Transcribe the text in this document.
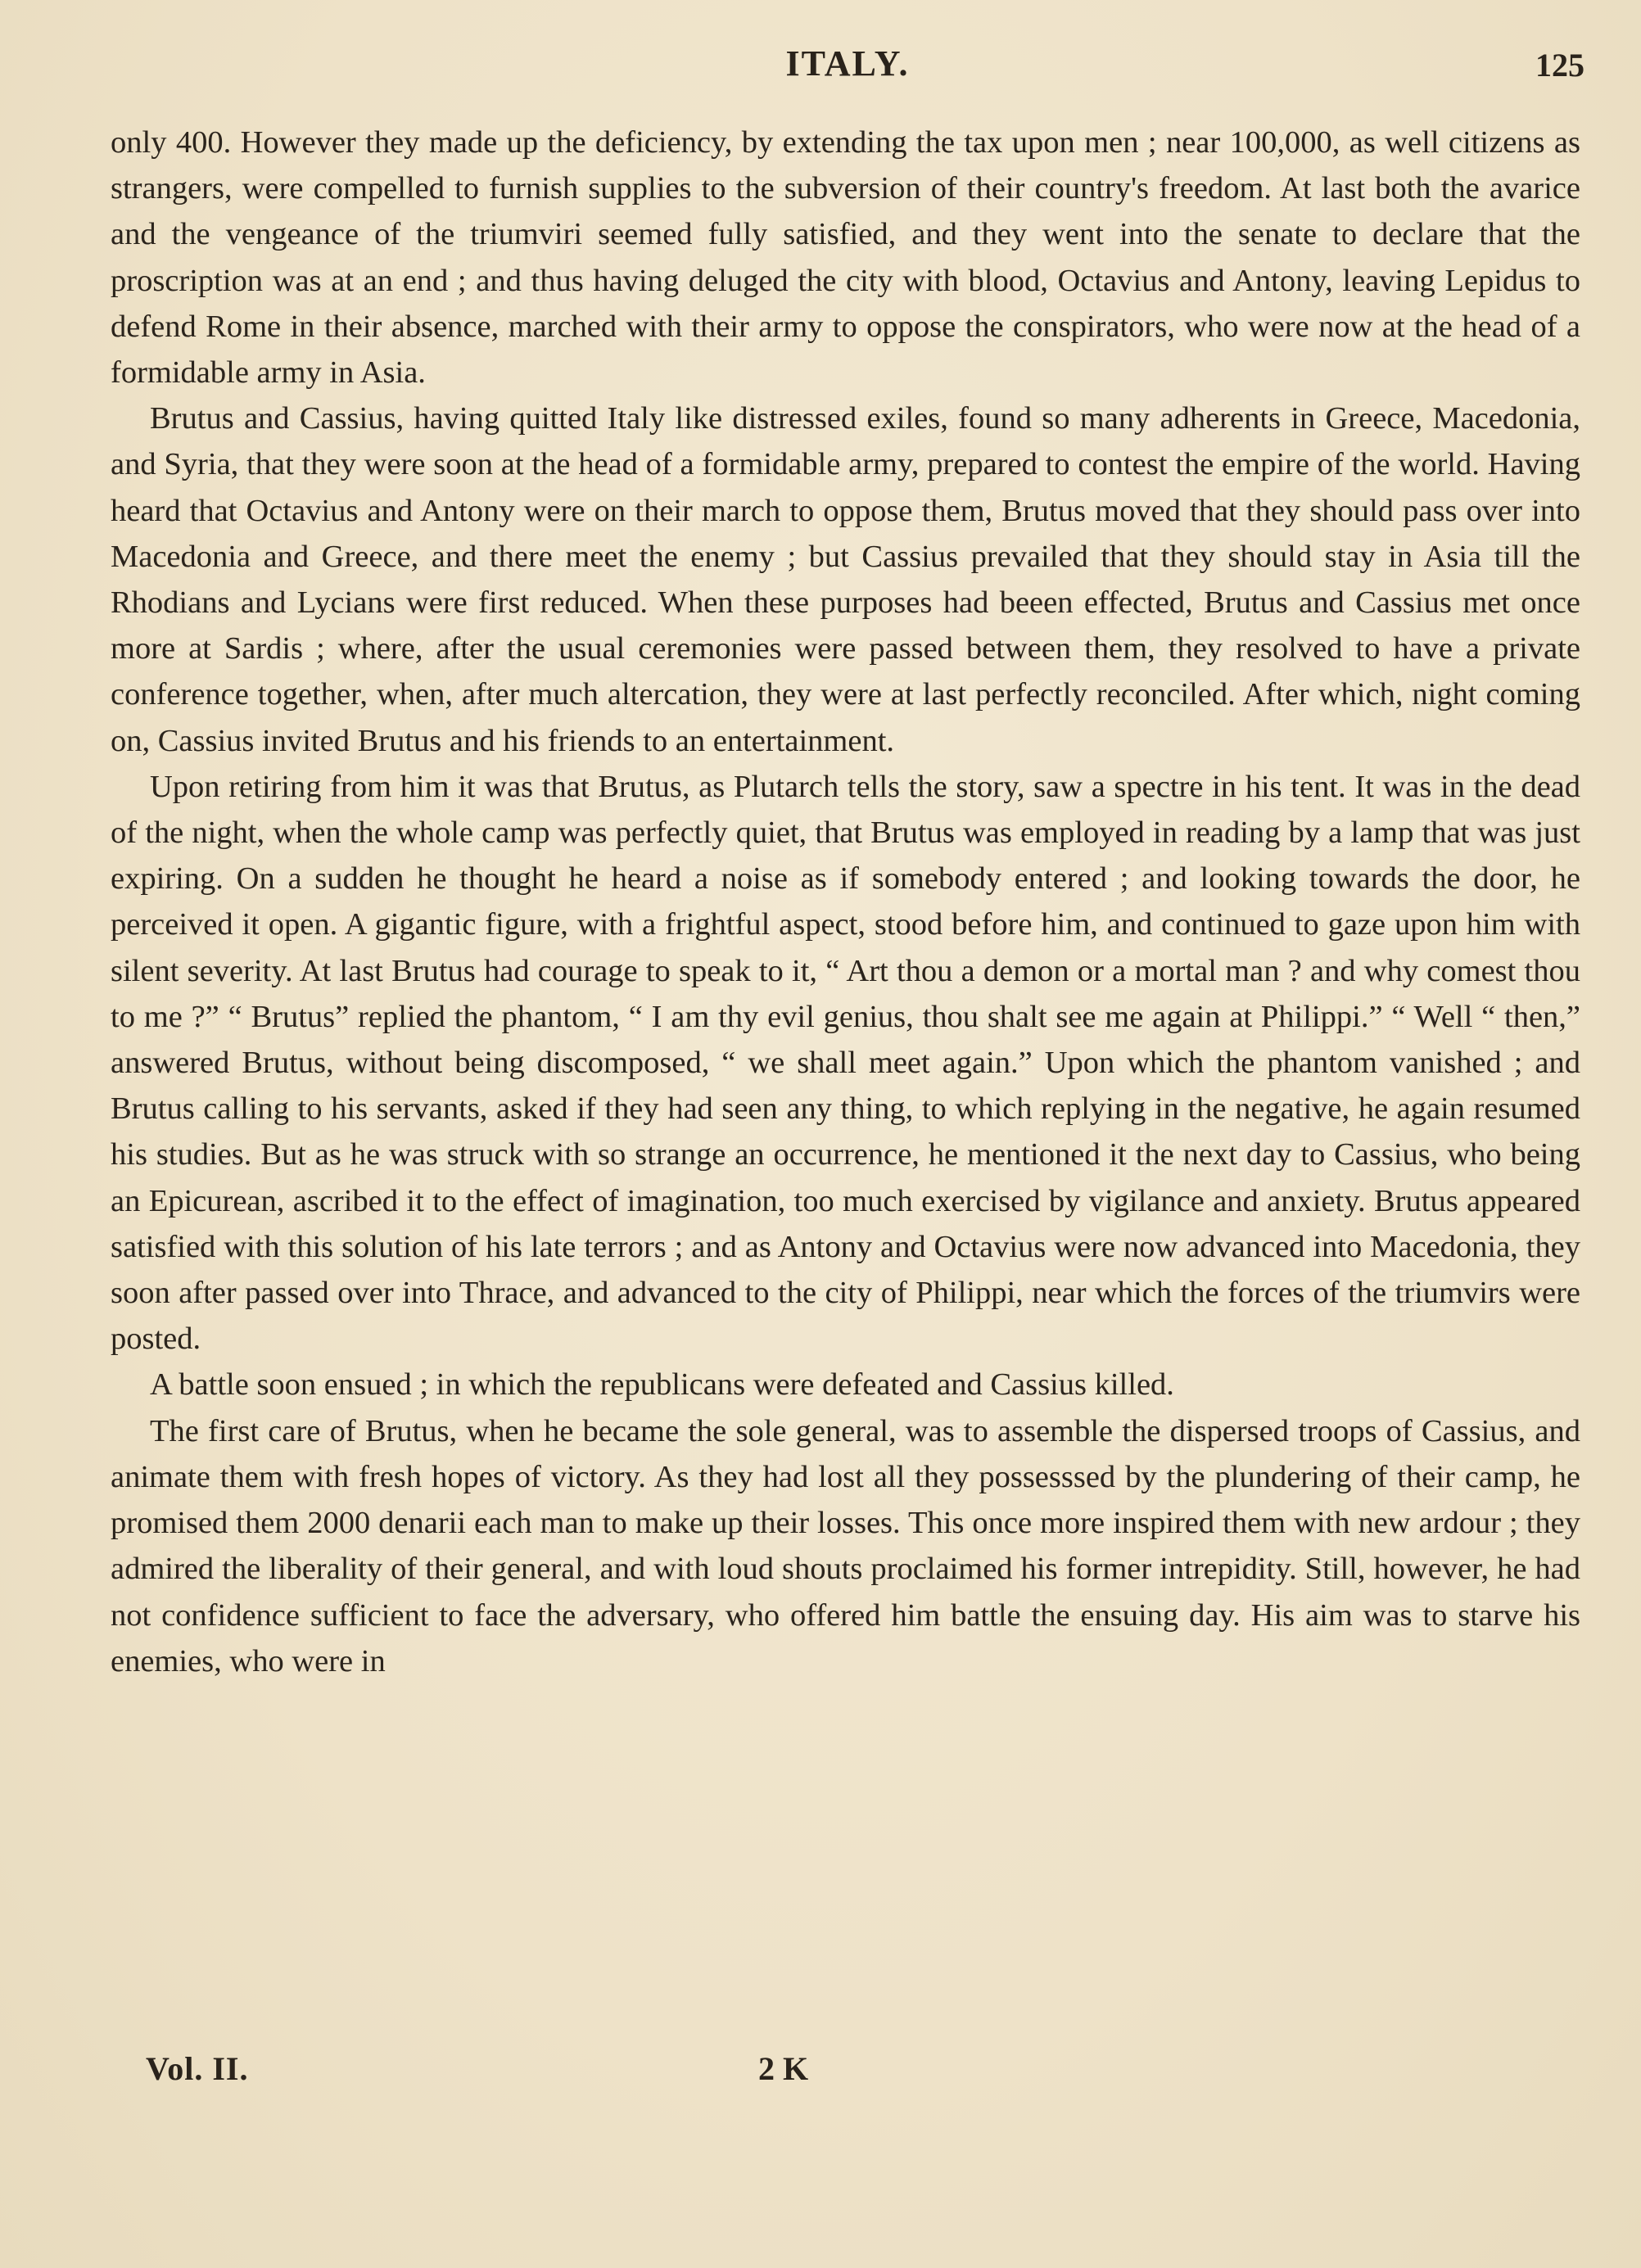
ITALY.	125

only 400. However they made up the deficiency, by extending the tax upon men ; near 100,000, as well citizens as strangers, were compelled to furnish supplies to the subversion of their country's freedom. At last both the avarice and the vengeance of the triumviri seemed fully satisfied, and they went into the senate to declare that the proscription was at an end ; and thus having deluged the city with blood, Octavius and Antony, leaving Lepidus to defend Rome in their absence, marched with their army to oppose the conspirators, who were now at the head of a formidable army in Asia.

Brutus and Cassius, having quitted Italy like distressed exiles, found so many adherents in Greece, Macedonia, and Syria, that they were soon at the head of a formidable army, prepared to contest the empire of the world. Having heard that Octavius and Antony were on their march to oppose them, Brutus moved that they should pass over into Macedonia and Greece, and there meet the enemy ; but Cassius prevailed that they should stay in Asia till the Rhodians and Lycians were first reduced. When these purposes had beeen effected, Brutus and Cassius met once more at Sardis ; where, after the usual ceremonies were passed between them, they resolved to have a private conference together, when, after much altercation, they were at last perfectly reconciled. After which, night coming on, Cassius invited Brutus and his friends to an entertainment.

Upon retiring from him it was that Brutus, as Plutarch tells the story, saw a spectre in his tent. It was in the dead of the night, when the whole camp was perfectly quiet, that Brutus was employed in reading by a lamp that was just expiring. On a sudden he thought he heard a noise as if somebody entered ; and looking towards the door, he perceived it open. A gigantic figure, with a frightful aspect, stood before him, and continued to gaze upon him with silent severity. At last Brutus had courage to speak to it, “ Art thou a demon or a mortal man ? and why comest thou to me ?” “ Brutus” replied the phantom, “ I am thy evil genius, thou shalt see me again at Philippi.” “ Well “ then,” answered Brutus, without being discomposed, “ we shall meet again.” Upon which the phantom vanished ; and Brutus calling to his servants, asked if they had seen any thing, to which replying in the negative, he again resumed his studies. But as he was struck with so strange an occurrence, he mentioned it the next day to Cassius, who being an Epicurean, ascribed it to the effect of imagination, too much exercised by vigilance and anxiety. Brutus appeared satisfied with this solution of his late terrors ; and as Antony and Octavius were now advanced into Macedonia, they soon after passed over into Thrace, and advanced to the city of Philippi, near which the forces of the triumvirs were posted.

A battle soon ensued ; in which the republicans were defeated and Cassius killed.

The first care of Brutus, when he became the sole general, was to assemble the dispersed troops of Cassius, and animate them with fresh hopes of victory. As they had lost all they possesssed by the plundering of their camp, he promised them 2000 denarii each man to make up their losses. This once more inspired them with new ardour ; they admired the liberality of their general, and with loud shouts proclaimed his former intrepidity. Still, however, he had not confidence sufficient to face the adversary, who offered him battle the ensuing day. His aim was to starve his enemies, who were in

Vol. II.	2 K
